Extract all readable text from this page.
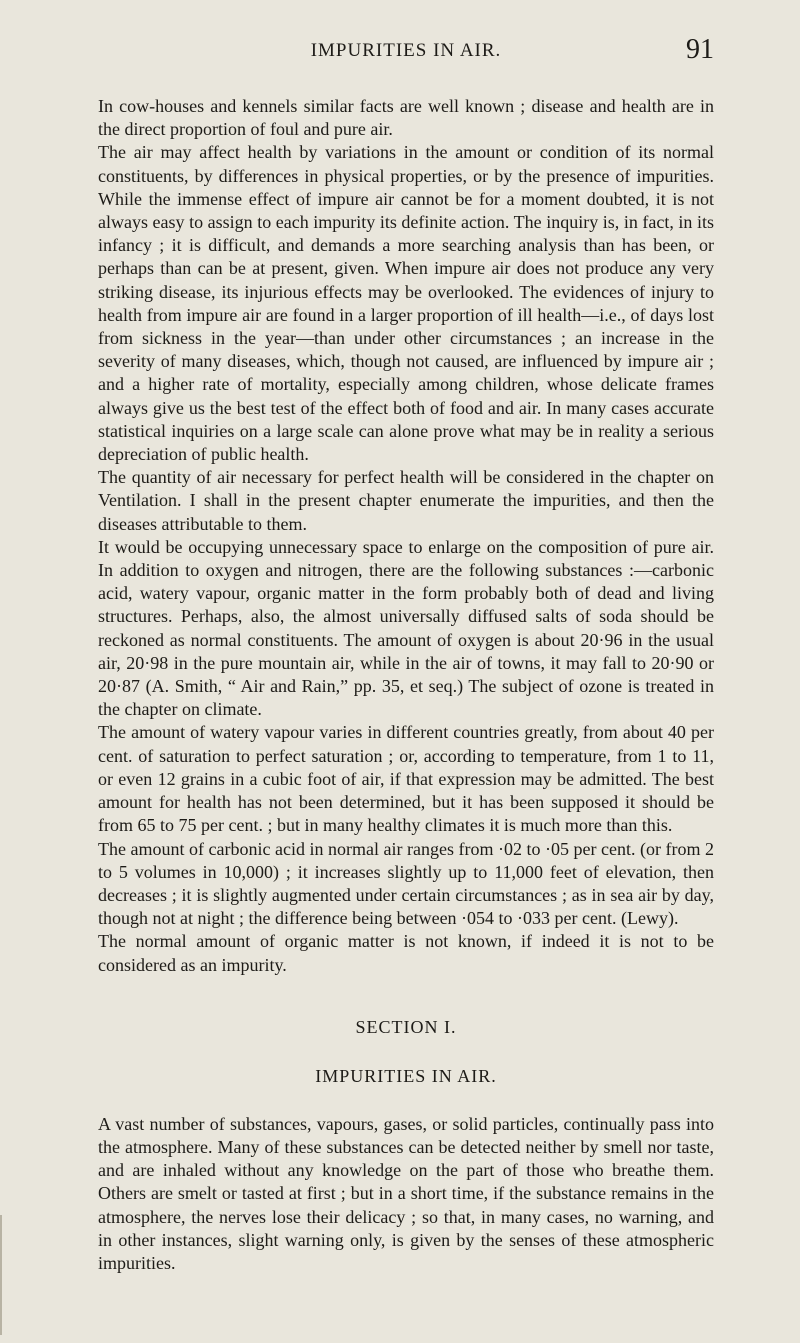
IMPURITIES IN AIR.	91

In cow-houses and kennels similar facts are well known ; disease and health are in the direct proportion of foul and pure air.

The air may affect health by variations in the amount or condition of its normal constituents, by differences in physical properties, or by the presence of impurities. While the immense effect of impure air cannot be for a moment doubted, it is not always easy to assign to each impurity its definite action. The inquiry is, in fact, in its infancy ; it is difficult, and demands a more searching analysis than has been, or perhaps than can be at present, given. When impure air does not produce any very striking disease, its injurious effects may be overlooked. The evidences of injury to health from impure air are found in a larger proportion of ill health—i.e., of days lost from sickness in the year—than under other circumstances ; an increase in the severity of many diseases, which, though not caused, are influenced by impure air ; and a higher rate of mortality, especially among children, whose delicate frames always give us the best test of the effect both of food and air. In many cases accurate statistical inquiries on a large scale can alone prove what may be in reality a serious depreciation of public health.

The quantity of air necessary for perfect health will be considered in the chapter on Ventilation. I shall in the present chapter enumerate the impurities, and then the diseases attributable to them.

It would be occupying unnecessary space to enlarge on the composition of pure air. In addition to oxygen and nitrogen, there are the following substances :—carbonic acid, watery vapour, organic matter in the form probably both of dead and living structures. Perhaps, also, the almost universally diffused salts of soda should be reckoned as normal constituents. The amount of oxygen is about 20·96 in the usual air, 20·98 in the pure mountain air, while in the air of towns, it may fall to 20·90 or 20·87 (A. Smith, “ Air and Rain,” pp. 35, et seq.) The subject of ozone is treated in the chapter on climate.

The amount of watery vapour varies in different countries greatly, from about 40 per cent. of saturation to perfect saturation ; or, according to temperature, from 1 to 11, or even 12 grains in a cubic foot of air, if that expression may be admitted. The best amount for health has not been determined, but it has been supposed it should be from 65 to 75 per cent. ; but in many healthy climates it is much more than this.

The amount of carbonic acid in normal air ranges from ·02 to ·05 per cent. (or from 2 to 5 volumes in 10,000) ; it increases slightly up to 11,000 feet of elevation, then decreases ; it is slightly augmented under certain circumstances ; as in sea air by day, though not at night ; the difference being between ·054 to ·033 per cent. (Lewy).

The normal amount of organic matter is not known, if indeed it is not to be considered as an impurity.

SECTION I.
IMPURITIES IN AIR.

A vast number of substances, vapours, gases, or solid particles, continually pass into the atmosphere. Many of these substances can be detected neither by smell nor taste, and are inhaled without any knowledge on the part of those who breathe them. Others are smelt or tasted at first ; but in a short time, if the substance remains in the atmosphere, the nerves lose their delicacy ; so that, in many cases, no warning, and in other instances, slight warning only, is given by the senses of these atmospheric impurities.
